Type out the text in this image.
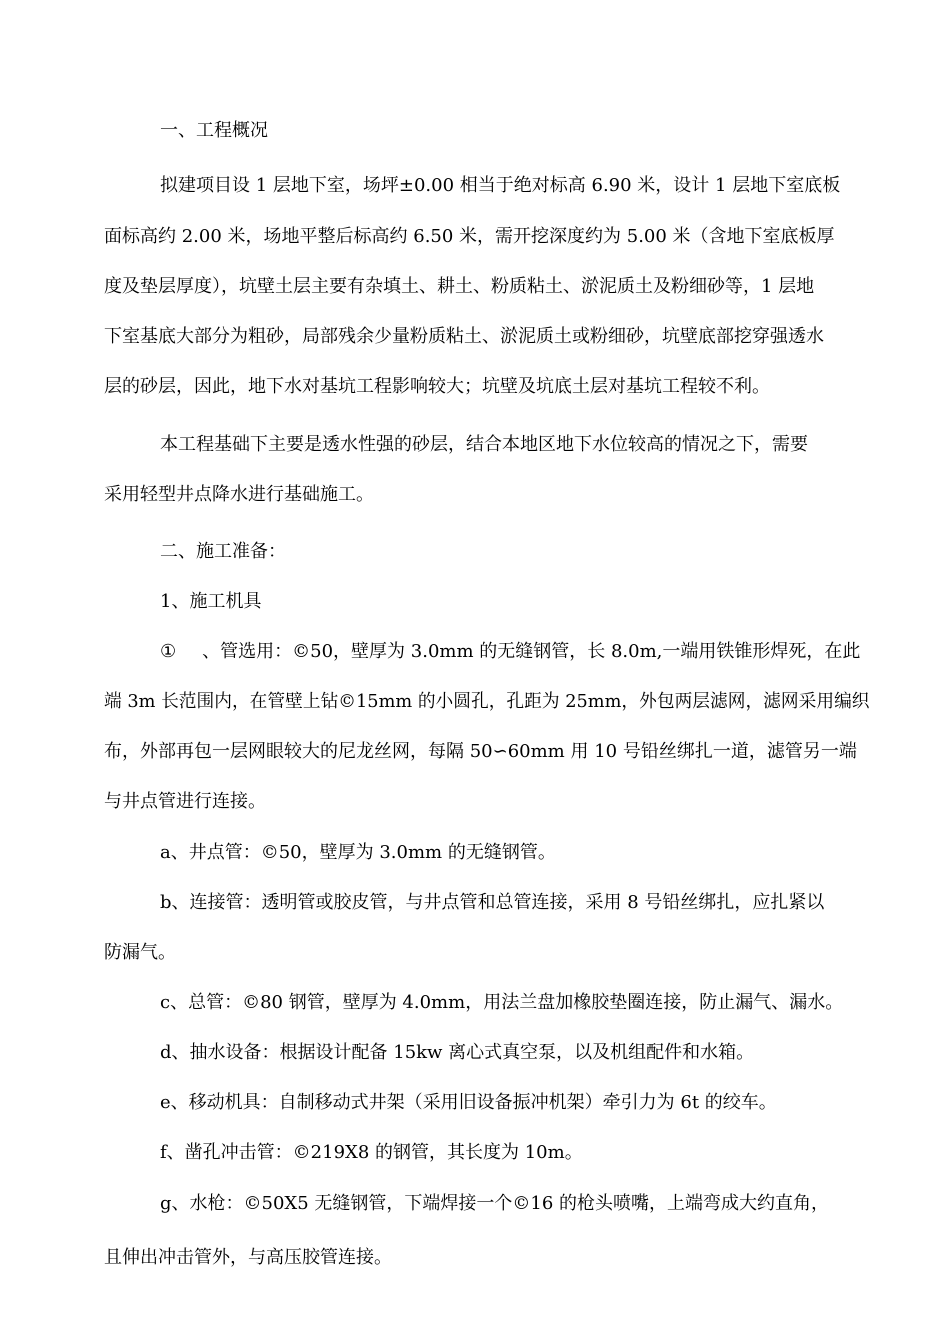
一、工程概况
拟建项目设 1 层地下室，场坪±0.00 相当于绝对标高 6.90 米，设计 1 层地下室底板
面标高约 2.00 米，场地平整后标高约 6.50 米，需开挖深度约为 5.00 米（含地下室底板厚
度及垫层厚度），坑壁土层主要有杂填土、耕土、粉质粘土、淤泥质土及粉细砂等，1 层地
下室基底大部分为粗砂，局部残余少量粉质粘土、淤泥质土或粉细砂，坑壁底部挖穿强透水
层的砂层，因此，地下水对基坑工程影响较大；坑壁及坑底土层对基坑工程较不利。
本工程基础下主要是透水性强的砂层，结合本地区地下水位较高的情况之下，需要
采用轻型井点降水进行基础施工。
二、施工准备：
1、施工机具
① 、管选用：©50，壁厚为 3.0mm 的无缝钢管，长 8.0m,一端用铁锥形焊死，在此
端 3m 长范围内，在管壁上钻©15mm 的小圆孔，孔距为 25mm，外包两层滤网，滤网采用编织
布，外部再包一层网眼较大的尼龙丝网，每隔 50∽60mm 用 10 号铅丝绑扎一道，滤管另一端
与井点管进行连接。
a、井点管：©50，壁厚为 3.0mm 的无缝钢管。
b、连接管：透明管或胶皮管，与井点管和总管连接，采用 8 号铅丝绑扎，应扎紧以
防漏气。
c、总管：©80 钢管，壁厚为 4.0mm，用法兰盘加橡胶垫圈连接，防止漏气、漏水。
d、抽水设备：根据设计配备 15kw 离心式真空泵，以及机组配件和水箱。
e、移动机具：自制移动式井架（采用旧设备振冲机架）牵引力为 6t 的绞车。
f、凿孔冲击管：©219X8 的钢管，其长度为 10m。
g、水枪：©50X5 无缝钢管，下端焊接一个©16 的枪头喷嘴，上端弯成大约直角，
且伸出冲击管外，与高压胶管连接。
